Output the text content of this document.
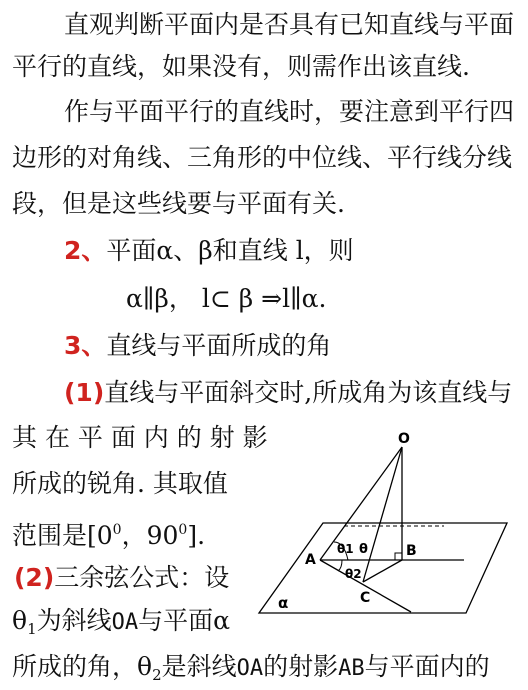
直观判断平面内是否具有已知直线与平面
平行的直线，如果没有，则需作出该直线.
作与平面平行的直线时，要注意到平行四
边形的对角线、三角形的中位线、平行线分线
段，但是这些线要与平面有关.
2、平面α、β和直线 l，则
α∥β， l⊂ β ⇒l∥α.
3、直线与平面所成的角
(1)直线与平面斜交时,所成角为该直线与
其 在 平 面 内 的 射 影
所成的锐角. 其取值
范围是[$0^0$，$90^0$].
(2)三余弦公式：设
$\theta_1$为斜线OA与平面α
所成的角，$\theta_2$是斜线OA的射影AB与平面内的
O
A
B
C
α
θ1 θ
θ2
